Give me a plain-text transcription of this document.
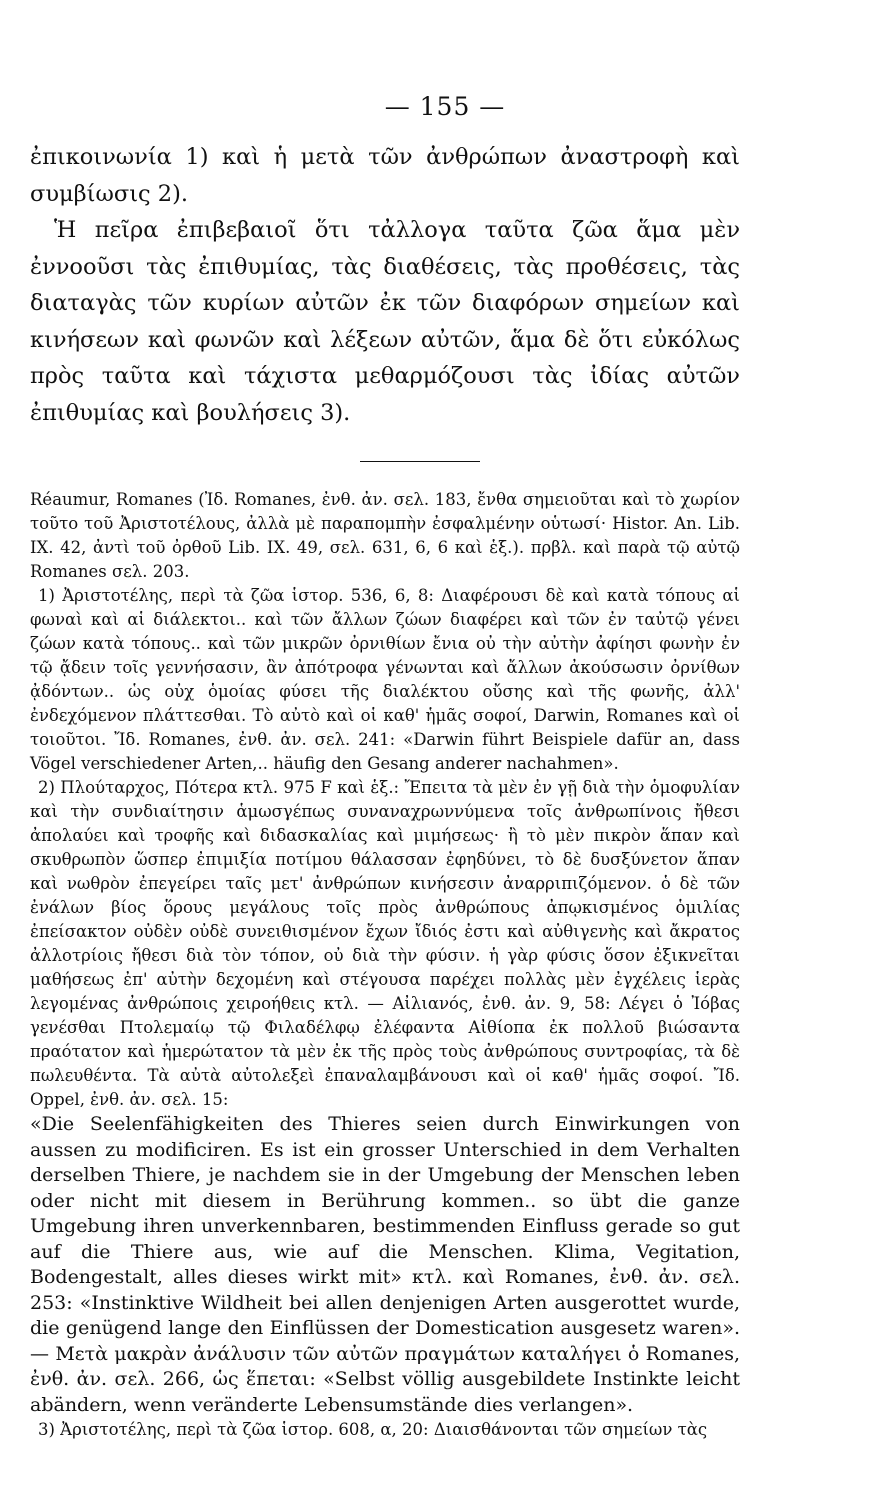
— 155 —

ἐπικοινωνία 1) καὶ ἡ μετὰ τῶν ἀνθρώπων ἀναστροφὴ καὶ συμβίωσις 2).

Ἡ πεῖρα ἐπιβεβαιοῖ ὅτι τἀλλογα ταῦτα ζῶα ἅμα μὲν ἐννοοῦσι τὰς ἐπιθυμίας, τὰς διαθέσεις, τὰς προθέσεις, τὰς διαταγὰς τῶν κυρίων αὐτῶν ἐκ τῶν διαφόρων σημείων καὶ κινήσεων καὶ φωνῶν καὶ λέξεων αὐτῶν, ἅμα δὲ ὅτι εὐκόλως πρὸς ταῦτα καὶ τάχιστα μεθαρμόζουσι τὰς ἰδίας αὐτῶν ἐπιθυμίας καὶ βουλήσεις 3).

Réaumur, Romanes (Ἰδ. Romanes, ἐνθ. ἀν. σελ. 183, ἔνθα σημειοῦται καὶ τὸ χωρίον τοῦτο τοῦ Ἀριστοτέλους, ἀλλὰ μὲ παραπομπὴν ἐσφαλμένην οὑτωσί· Histor. An. Lib. IX. 42, ἀντὶ τοῦ ὀρθοῦ Lib. IX. 49, σελ. 631, 6, 6 καὶ ἑξ.). πρβλ. καὶ παρὰ τῷ αὐτῷ Romanes σελ. 203.

1) Ἀριστοτέλης, περὶ τὰ ζῶα ἱστορ. 536, 6, 8: Διαφέρουσι δὲ καὶ κατὰ τόπους αἱ φωναὶ καὶ αἱ διάλεκτοι.. καὶ τῶν ἄλλων ζώων διαφέρει καὶ τῶν ἐν ταὐτῷ γένει ζώων κατὰ τόπους.. καὶ τῶν μικρῶν ὀρνιθίων ἔνια οὐ τὴν αὐτὴν ἀφίησι φωνὴν ἐν τῷ ᾄδειν τοῖς γεννήσασιν, ἂν ἀπότροφα γένωνται καὶ ἄλλων ἀκούσωσιν ὀρνίθων ᾀδόντων.. ὡς οὐχ ὁμοίας φύσει τῆς διαλέκτου οὔσης καὶ τῆς φωνῆς, ἀλλ' ἐνδεχόμενον πλάττεσθαι. Τὸ αὐτὸ καὶ οἱ καθ' ἡμᾶς σοφοί, Darwin, Romanes καὶ οἱ τοιοῦτοι. Ἴδ. Romanes, ἐνθ. ἀν. σελ. 241: «Darwin führt Beispiele dafür an, dass Vögel verschiedener Arten,.. häufig den Gesang anderer nachahmen».

2) Πλούταρχος, Πότερα κτλ. 975 F καὶ ἑξ.: Ἔπειτα τὰ μὲν ἐν γῇ διὰ τὴν ὁμοφυλίαν καὶ τὴν συνδιαίτησιν ἁμωσγέπως συναναχρωννύμενα τοῖς ἀνθρωπίνοις ἤθεσι ἀπολαύει καὶ τροφῆς καὶ διδασκαλίας καὶ μιμήσεως· ἢ τὸ μὲν πικρὸν ἅπαν καὶ σκυθρωπὸν ὥσπερ ἐπιμιξία ποτίμου θάλασσαν ἐφηδύνει, τὸ δὲ δυσξύνετον ἅπαν καὶ νωθρὸν ἐπεγείρει ταῖς μετ' ἀνθρώπων κινήσεσιν ἀναρριπιζόμενον. ὁ δὲ τῶν ἐνάλων βίος ὅρους μεγάλους τοῖς πρὸς ἀνθρώπους ἀπῳκισμένος ὁμιλίας ἐπείσακτον οὐδὲν οὐδὲ συνειθισμένον ἔχων ἴδιός ἐστι καὶ αὐθιγενὴς καὶ ἄκρατος ἀλλοτρίοις ἤθεσι διὰ τὸν τόπον, οὐ διὰ τὴν φύσιν. ἡ γὰρ φύσις ὅσον ἐξικνεῖται μαθήσεως ἐπ' αὐτὴν δεχομένη καὶ στέγουσα παρέχει πολλὰς μὲν ἐγχέλεις ἱερὰς λεγομένας ἀνθρώποις χειροήθεις κτλ. — Αἰλιανός, ἐνθ. ἀν. 9, 58: Λέγει ὁ Ἰόβας γενέσθαι Πτολεμαίῳ τῷ Φιλαδέλφῳ ἐλέφαντα Αἰθίοπα ἐκ πολλοῦ βιώσαντα πραότατον καὶ ἡμερώτατον τὰ μὲν ἐκ τῆς πρὸς τοὺς ἀνθρώπους συντροφίας, τὰ δὲ πωλευθέντα. Τὰ αὐτὰ αὐτολεξεὶ ἐπαναλαμβάνουσι καὶ οἱ καθ' ἡμᾶς σοφοί. Ἴδ. Oppel, ἐνθ. ἀν. σελ. 15:

«Die Seelenfähigkeiten des Thieres seien durch Einwirkungen von aussen zu modificiren. Es ist ein grosser Unterschied in dem Verhalten derselben Thiere, je nachdem sie in der Umgebung der Menschen leben oder nicht mit diesem in Berührung kommen.. so übt die ganze Umgebung ihren unverkennbaren, bestimmenden Einfluss gerade so gut auf die Thiere aus, wie auf die Menschen. Klima, Vegitation, Bodengestalt, alles dieses wirkt mit» κτλ. καὶ Romanes, ἐνθ. ἀν. σελ. 253: «Instinktive Wildheit bei allen denjenigen Arten ausgerottet wurde, die genügend lange den Einflüssen der Domestication ausgesetz waren». — Μετὰ μακρὰν ἀνάλυσιν τῶν αὐτῶν πραγμάτων καταλήγει ὁ Romanes, ἐνθ. ἀν. σελ. 266, ὡς ἕπεται: «Selbst völlig ausgebildete Instinkte leicht abändern, wenn veränderte Lebensumstände dies verlangen».

3) Ἀριστοτέλης, περὶ τὰ ζῶα ἱστορ. 608, α, 20: Διαισθάνονται τῶν σημείων τὰς
